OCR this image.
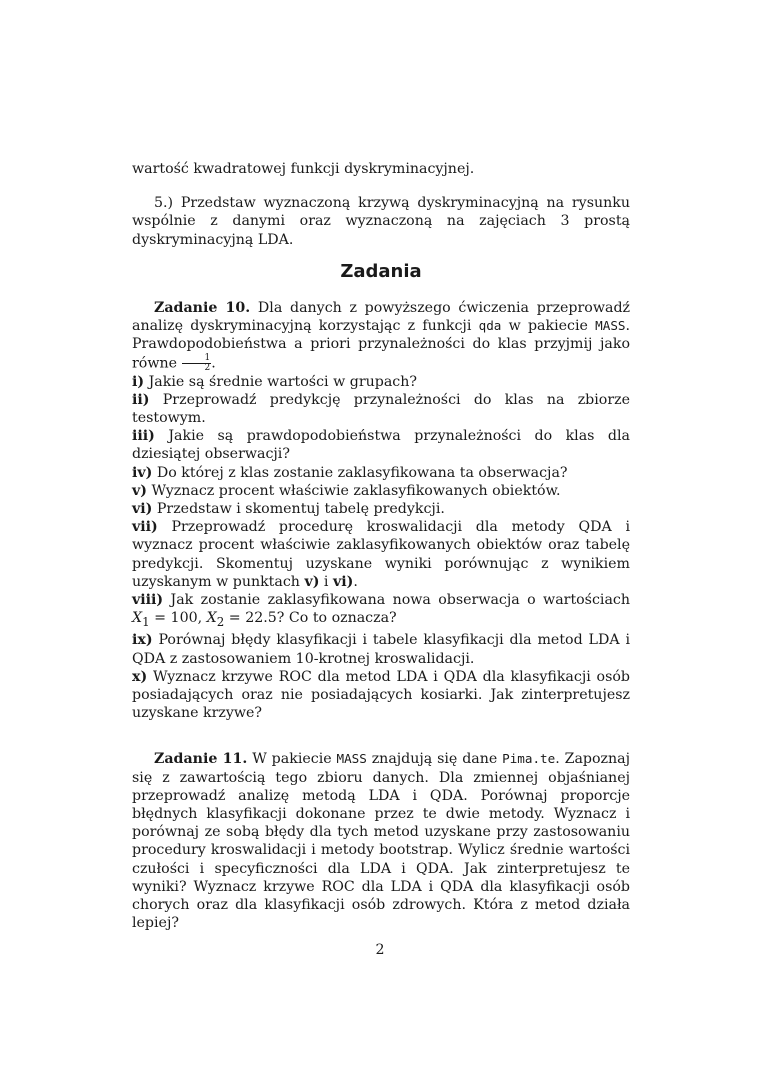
wartość kwadratowej funkcji dyskryminacyjnej.

5.) Przedstaw wyznaczoną krzywą dyskryminacyjną na rysunku wspólnie z danymi oraz wyznaczoną na zajęciach 3 prostą dyskryminacyjną LDA.

Zadania

Zadanie 10. Dla danych z powyższego ćwiczenia przeprowadź analizę dyskryminacyjną korzystając z funkcji qda w pakiecie MASS. Prawdopodobieństwa a priori przynależności do klas przyjmij jako równe $\frac{1}{2}$ .

i) Jakie są średnie wartości w grupach?

ii) Przeprowadź predykcję przynależności do klas na zbiorze testowym.

iii) Jakie są prawdopodobieństwa przynależności do klas dla dziesiątej obserwacji?

iv) Do której z klas zostanie zaklasyfikowana ta obserwacja?

v) Wyznacz procent właściwie zaklasyfikowanych obiektów.

vi) Przedstaw i skomentuj tabelę predykcji.

vii) Przeprowadź procedurę kroswalidacji dla metody QDA i wyznacz procent właściwie zaklasyfikowanych obiektów oraz tabelę predykcji. Skomentuj uzyskane wyniki porównując z wynikiem uzyskanym w punktach v) i vi).

viii) Jak zostanie zaklasyfikowana nowa obserwacja o wartościach $X_1 = 100$, $X_2 = 22.5$? Co to oznacza?

ix) Porównaj błędy klasyfikacji i tabele klasyfikacji dla metod LDA i QDA z zastosowaniem 10-krotnej kroswalidacji.

x) Wyznacz krzywe ROC dla metod LDA i QDA dla klasyfikacji osób posiadających oraz nie posiadających kosiarki. Jak zinterpretujesz uzyskane krzywe?

Zadanie 11. W pakiecie MASS znajdują się dane Pima.te. Zapoznaj się z zawartością tego zbioru danych. Dla zmiennej objaśnianej przeprowadź analizę metodą LDA i QDA. Porównaj proporcje błędnych klasyfikacji dokonane przez te dwie metody. Wyznacz i porównaj ze sobą błędy dla tych metod uzyskane przy zastosowaniu procedury kroswalidacji i metody bootstrap. Wylicz średnie wartości czułości i specyficzności dla LDA i QDA. Jak zinterpretujesz te wyniki? Wyznacz krzywe ROC dla LDA i QDA dla klasyfikacji osób chorych oraz dla klasyfikacji osób zdrowych. Która z metod działa lepiej?

2
